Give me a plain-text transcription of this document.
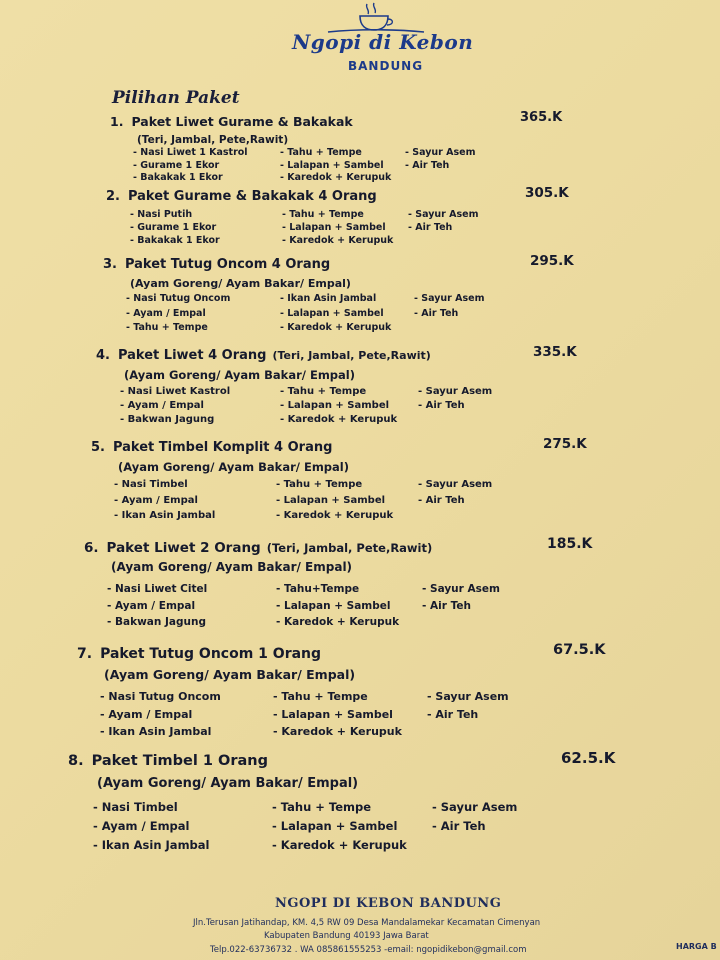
Ngopi di Kebon
BANDUNG
Pilihan Paket
1. Paket Liwet Gurame & Bakakak	365.K
(Teri, Jambal, Pete,Rawit)
- Nasi Liwet 1 Kastrol
- Gurame 1 Ekor
- Bakakak 1 Ekor
- Tahu + Tempe
- Lalapan + Sambel
- Karedok + Kerupuk
- Sayur Asem
- Air Teh
2. Paket Gurame & Bakakak 4 Orang	305.K
- Nasi Putih
- Gurame 1 Ekor
- Bakakak 1 Ekor
- Tahu + Tempe
- Lalapan + Sambel
- Karedok + Kerupuk
- Sayur Asem
- Air Teh
3. Paket Tutug Oncom 4 Orang	295.K
(Ayam Goreng/ Ayam Bakar/ Empal)
- Nasi Tutug Oncom
- Ayam / Empal
- Tahu + Tempe
- Ikan Asin Jambal
- Lalapan + Sambel
- Karedok + Kerupuk
- Sayur Asem
- Air Teh
4. Paket Liwet 4 Orang (Teri, Jambal, Pete,Rawit)	335.K
(Ayam Goreng/ Ayam Bakar/ Empal)
- Nasi Liwet Kastrol
- Ayam / Empal
- Bakwan Jagung
- Tahu + Tempe
- Lalapan + Sambel
- Karedok + Kerupuk
- Sayur Asem
- Air Teh
5. Paket Timbel Komplit 4 Orang	275.K
(Ayam Goreng/ Ayam Bakar/ Empal)
- Nasi Timbel
- Ayam / Empal
- Ikan Asin Jambal
- Tahu + Tempe
- Lalapan + Sambel
- Karedok + Kerupuk
- Sayur Asem
- Air Teh
6. Paket Liwet 2 Orang (Teri, Jambal, Pete,Rawit)	185.K
(Ayam Goreng/ Ayam Bakar/ Empal)
- Nasi Liwet Citel
- Ayam / Empal
- Bakwan Jagung
- Tahu+Tempe
- Lalapan + Sambel
- Karedok + Kerupuk
- Sayur Asem
- Air Teh
7. Paket Tutug Oncom 1 Orang	67.5.K
(Ayam Goreng/ Ayam Bakar/ Empal)
- Nasi Tutug Oncom
- Ayam / Empal
- Ikan Asin Jambal
- Tahu + Tempe
- Lalapan + Sambel
- Karedok + Kerupuk
- Sayur Asem
- Air Teh
8. Paket Timbel 1 Orang	62.5.K
(Ayam Goreng/ Ayam Bakar/ Empal)
- Nasi Timbel
- Ayam / Empal
- Ikan Asin Jambal
- Tahu + Tempe
- Lalapan + Sambel
- Karedok + Kerupuk
- Sayur Asem
- Air Teh
NGOPI DI KEBON BANDUNG
Jln.Terusan Jatihandap, KM. 4,5 RW 09 Desa Mandalamekar Kecamatan Cimenyan
Kabupaten Bandung 40193 Jawa Barat
Telp.022-63736732 . WA 085861555253 -email: ngopidikebon@gmail.com	HARGA B
